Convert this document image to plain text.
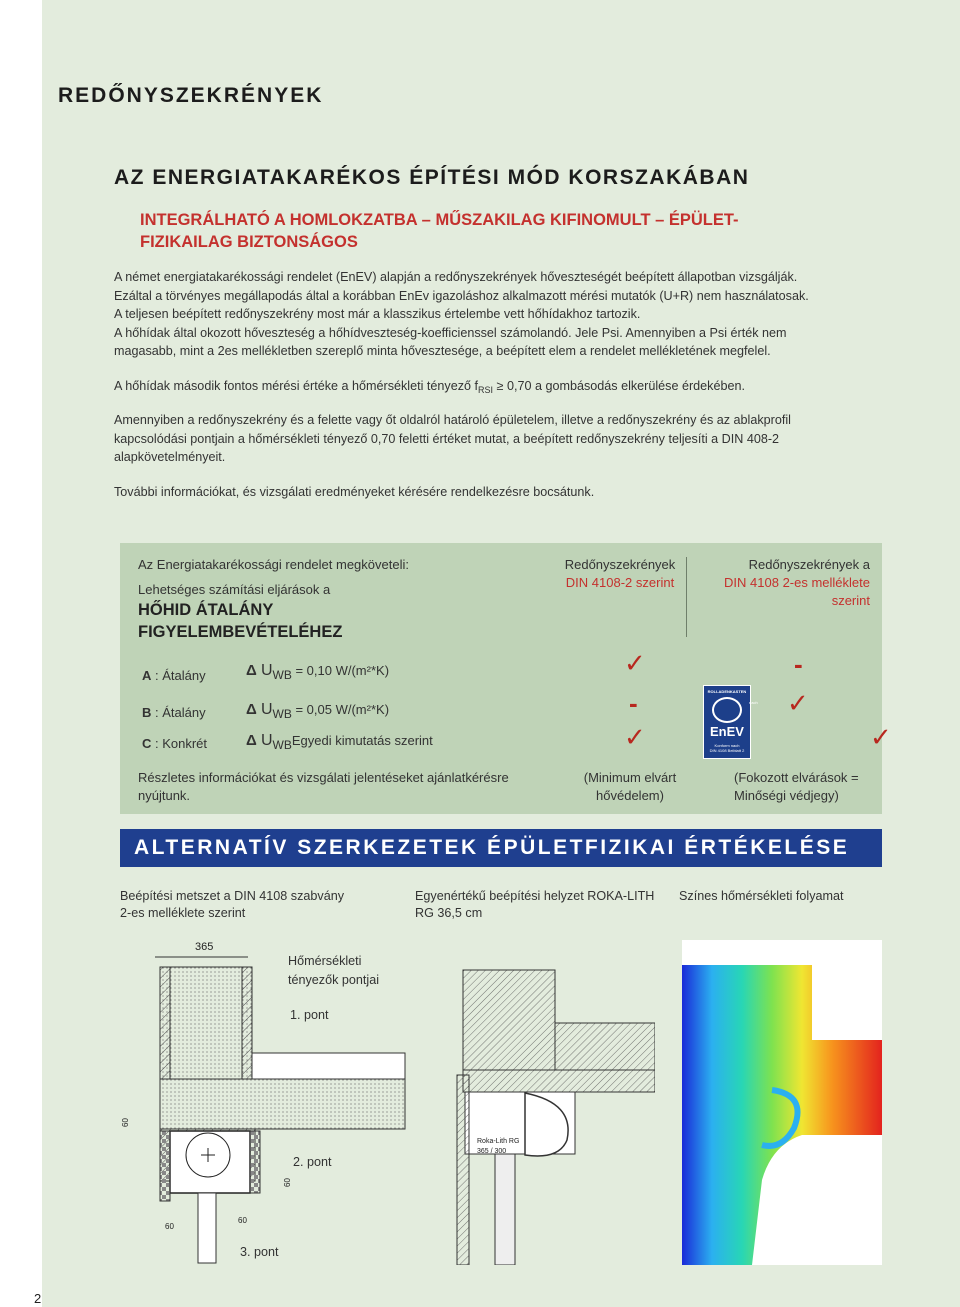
REDŐNYSZEKRÉNYEK
AZ ENERGIATAKARÉKOS ÉPÍTÉSI MÓD KORSZAKÁBAN
INTEGRÁLHATÓ A HOMLOKZATBA – MŰSZAKILAG KIFINOMULT – ÉPÜLET-
FIZIKAILAG BIZTONSÁGOS
A német energiatakarékossági rendelet (EnEV) alapján a redőnyszekrények hőveszteségét beépített állapotban vizsgálják.
Ezáltal a törvényes megállapodás által a korábban EnEv igazoláshoz alkalmazott mérési mutatók (U+R) nem használatosak.
A teljesen beépített redőnyszekrény most már a klasszikus értelembe vett hőhídakhoz tartozik.
A hőhídak által okozott hőveszteség a hőhídveszteség-koefficienssel számolandó. Jele Psi. Amennyiben a Psi érték nem
magasabb, mint a 2es mellékletben szereplő minta hővesztesége, a beépített elem a rendelet mellékletének megfelel.
A hőhídak második fontos mérési értéke a hőmérsékleti tényező $f_{RSI} \ge 0,70$ a gombásodás elkerülése érdekében.
Amennyiben a redőnyszekrény és a felette vagy őt oldalról határoló épületelem, illetve a redőnyszekrény és az ablakprofil
kapcsolódási pontjain a hőmérsékleti tényező 0,70 feletti értéket mutat, a beépített redőnyszekrény teljesíti a DIN 408-2
alapkövetelményeit.
További információkat, és vizsgálati eredményeket kérésére rendelkezésre bocsátunk.
Az Energiatakarékossági rendelet megköveteli:
Lehetséges számítási eljárások a
HŐHID ÁTALÁNY
FIGYELEMBEVÉTELÉHEZ
Redőnyszekrények
DIN 4108-2 szerint
Redőnyszekrények a
DIN 4108 2-es melléklete
szerint
A : Átalány	Δ $U_{WB} = 0,10$ W/(m²*K)	✓	-
B : Átalány	Δ $U_{WB} = 0,05$ W/(m²*K)	-	✓
C : Konkrét	Δ $U_{WB}Egyedi$ kimutatás szerint	✓	✓
ROLLADENKASTEN
EnEV
Konform nach
DIN 4108 Beiblatt 2
nach
Részletes információkat és vizsgálati jelentéseket ajánlatkérésre
nyújtunk.
(Minimum elvárt
hővédelem)
(Fokozott elvárások =
Minőségi védjegy)
ALTERNATÍV SZERKEZETEK ÉPÜLETFIZIKAI ÉRTÉKELÉSE
Beépítési metszet a DIN 4108 szabvány
2-es melléklete szerint
Egyenértékű beépítési helyzet ROKA-LITH
RG 36,5 cm
Színes hőmérsékleti folyamat
365
60
60
60
60
Hőmérsékleti
tényezők pontjai
1. pont
2. pont
3. pont
Roka-Lith RG
365 / 300
2
